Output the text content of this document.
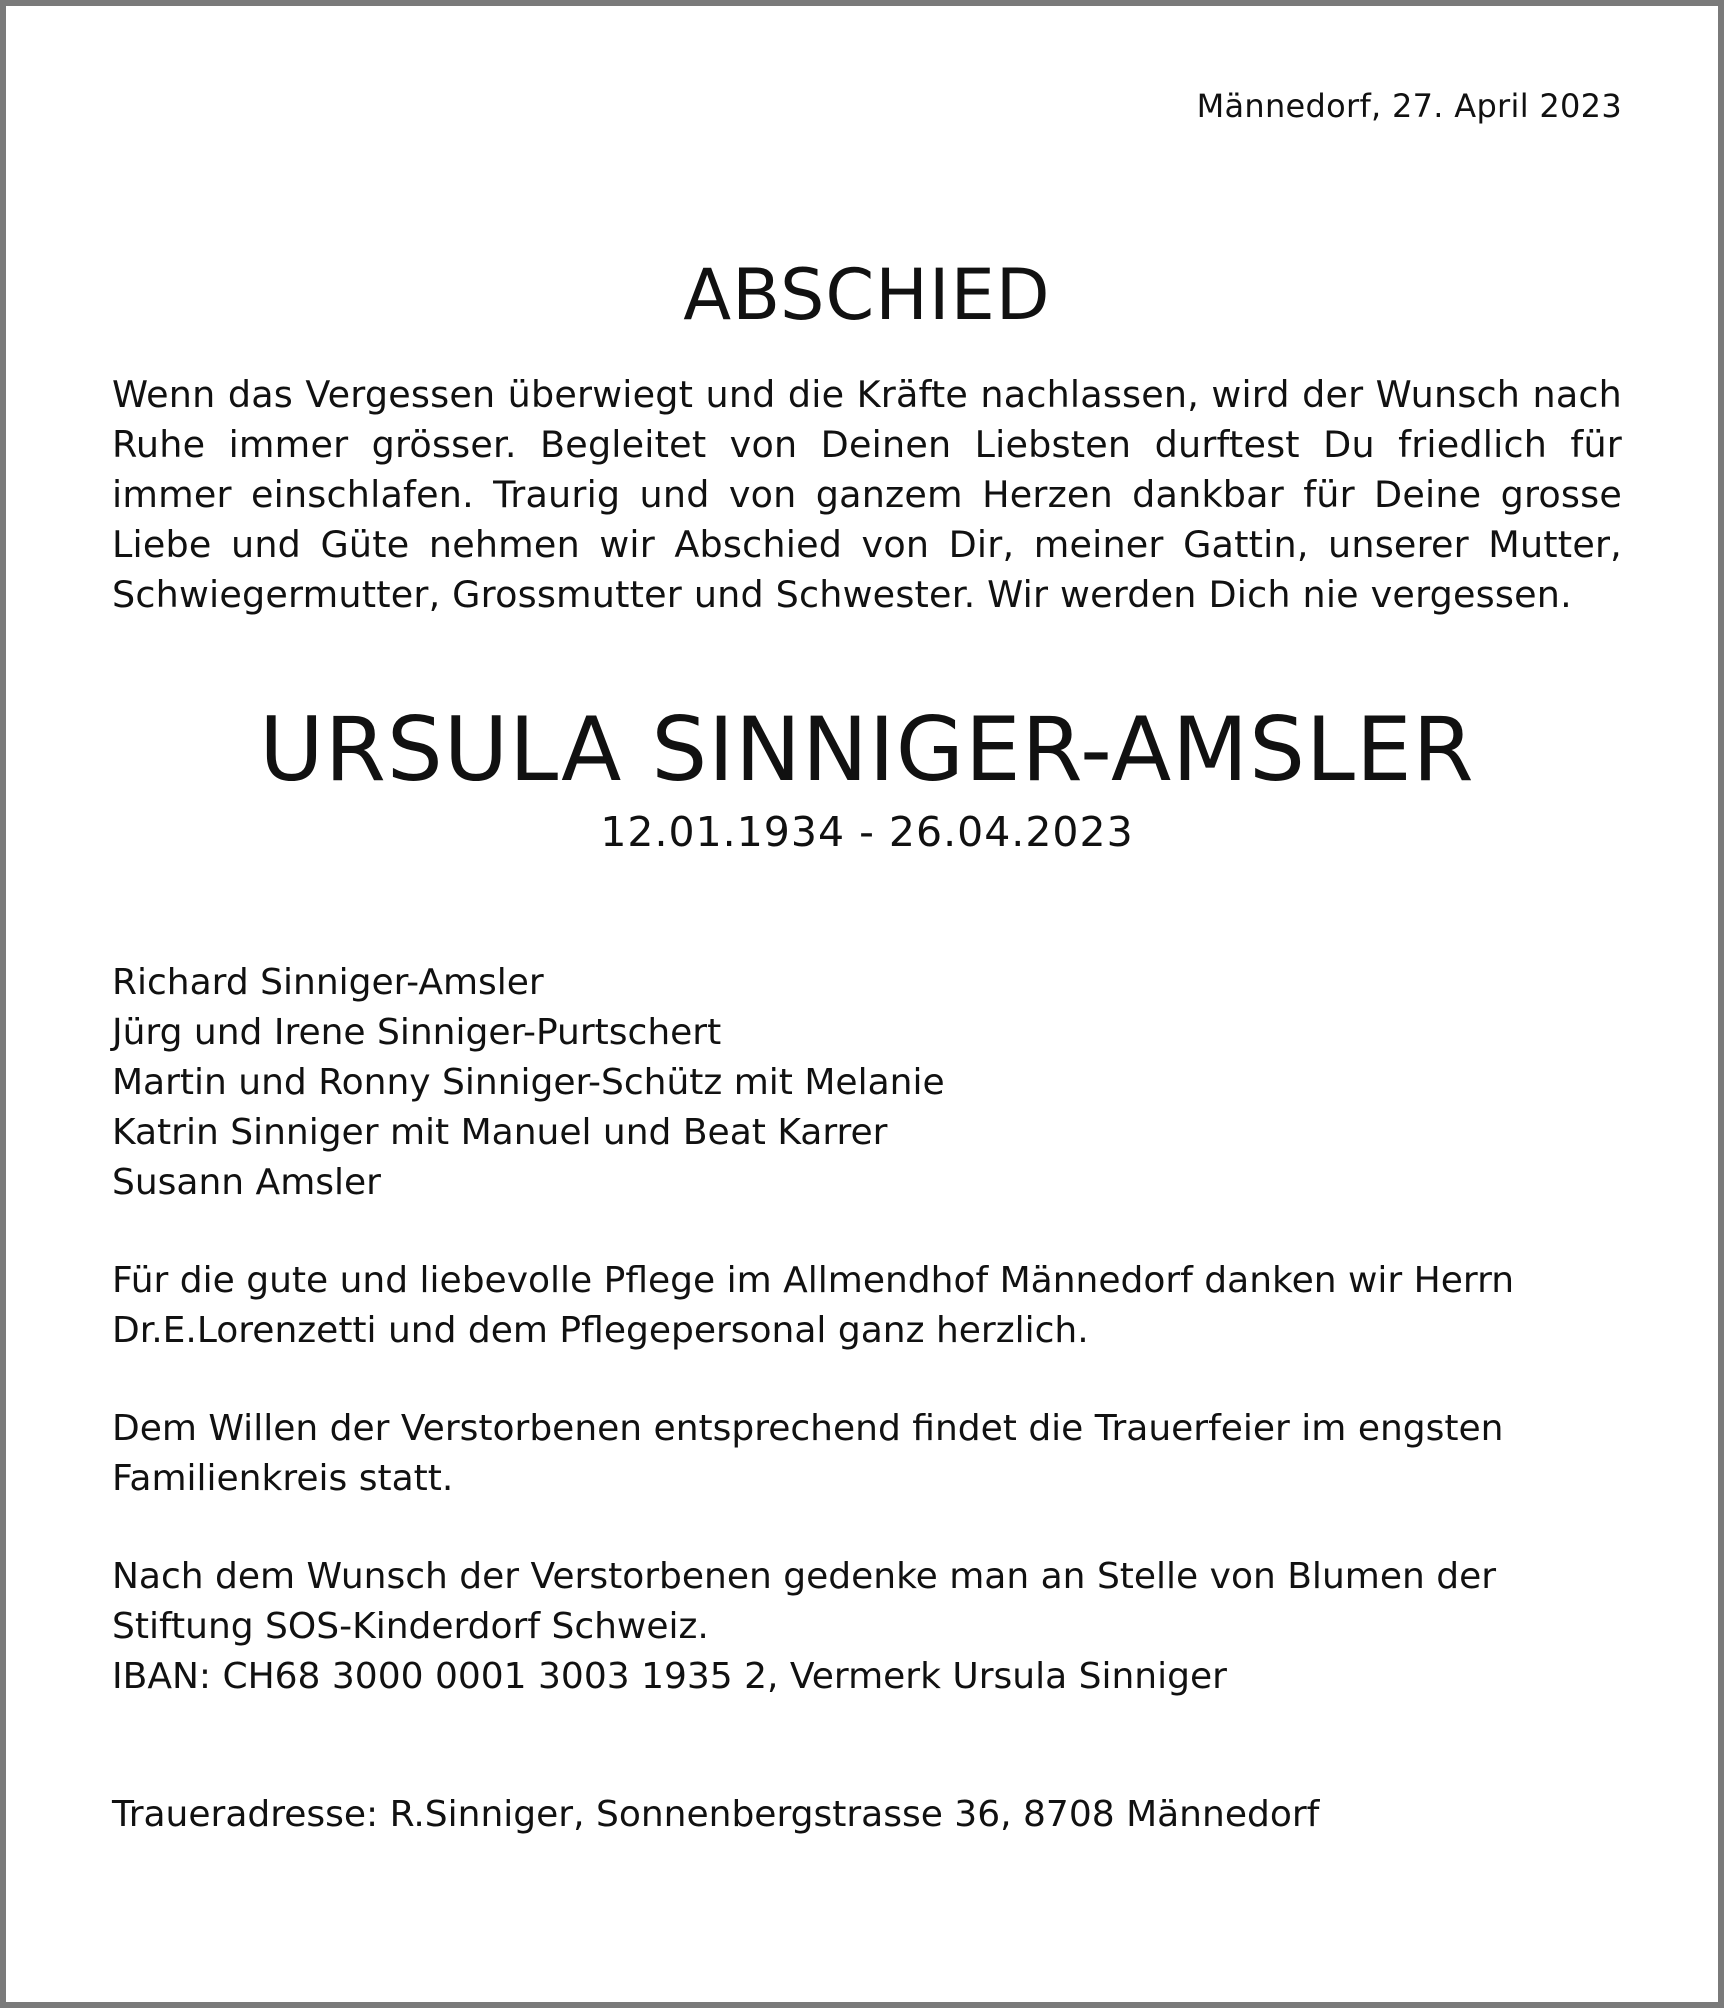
Männedorf, 27. April 2023
ABSCHIED
Wenn das Vergessen überwiegt und die Kräfte nachlassen, wird der Wunsch nach Ruhe immer grösser. Begleitet von Deinen Liebsten durftest Du friedlich für immer einschlafen. Traurig und von ganzem Herzen dankbar für Deine grosse Liebe und Güte nehmen wir Abschied von Dir, meiner Gattin, unserer Mutter, Schwiegermutter, Grossmutter und Schwester. Wir werden Dich nie vergessen.
URSULA SINNIGER-AMSLER
12.01.1934 - 26.04.2023
Richard Sinniger-Amsler
Jürg und Irene Sinniger-Purtschert
Martin und Ronny Sinniger-Schütz mit Melanie
Katrin Sinniger mit Manuel und Beat Karrer
Susann Amsler
Für die gute und liebevolle Pflege im Allmendhof Männedorf danken wir Herrn
Dr.E.Lorenzetti und dem Pflegepersonal ganz herzlich.
Dem Willen der Verstorbenen entsprechend findet die Trauerfeier im engsten
Familienkreis statt.
Nach dem Wunsch der Verstorbenen gedenke man an Stelle von Blumen der
Stiftung SOS-Kinderdorf Schweiz.
IBAN: CH68 3000 0001 3003 1935 2, Vermerk Ursula Sinniger
Traueradresse: R.Sinniger, Sonnenbergstrasse 36, 8708 Männedorf
